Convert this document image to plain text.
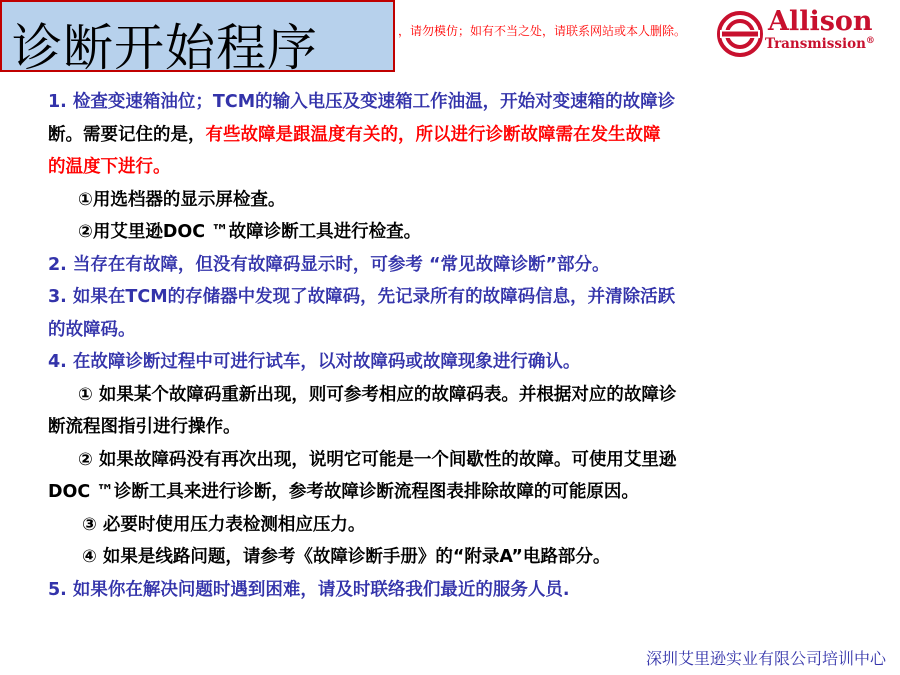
诊断开始程序	，请勿模仿；如有不当之处，请联系网站或本人删除。	Allison
Transmission®
1. 检查变速箱油位；TCM的输入电压及变速箱工作油温，开始对变速箱的故障诊
断。需要记住的是，有些故障是跟温度有关的，所以进行诊断故障需在发生故障
的温度下进行。
①用选档器的显示屏检查。
②用艾里逊DOC ™故障诊断工具进行检查。
2. 当存在有故障，但没有故障码显示时，可参考 “常见故障诊断”部分。
3. 如果在TCM的存储器中发现了故障码，先记录所有的故障码信息，并清除活跃
的故障码。
4. 在故障诊断过程中可进行试车，以对故障码或故障现象进行确认。
① 如果某个故障码重新出现，则可参考相应的故障码表。并根据对应的故障诊
断流程图指引进行操作。
② 如果故障码没有再次出现，说明它可能是一个间歇性的故障。可使用艾里逊
DOC ™诊断工具来进行诊断，参考故障诊断流程图表排除故障的可能原因。
③ 必要时使用压力表检测相应压力。
④ 如果是线路问题，请参考《故障诊断手册》的“附录A”电路部分。
5. 如果你在解决问题时遇到困难，请及时联络我们最近的服务人员.
深圳艾里逊实业有限公司培训中心
